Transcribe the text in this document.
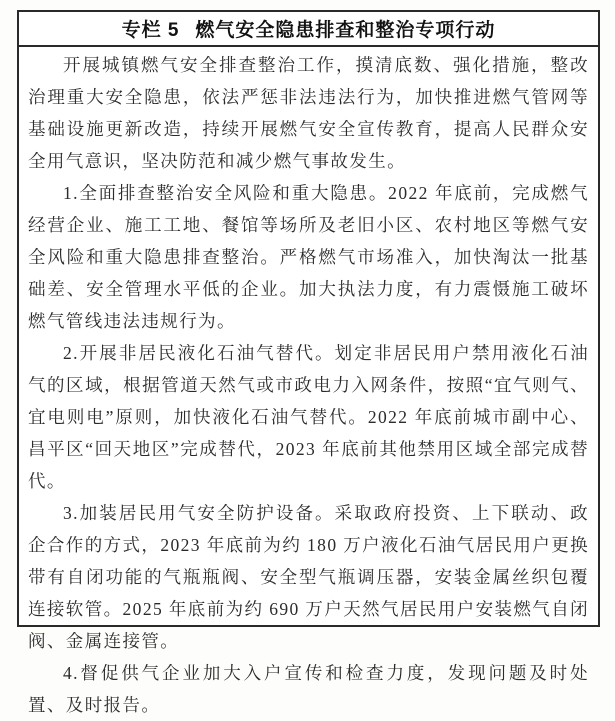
专栏 5 燃气安全隐患排查和整治专项行动

开展城镇燃气安全排查整治工作，摸清底数、强化措施，整改治理重大安全隐患，依法严惩非法违法行为，加快推进燃气管网等基础设施更新改造，持续开展燃气安全宣传教育，提高人民群众安全用气意识，坚决防范和减少燃气事故发生。

1.全面排查整治安全风险和重大隐患。2022 年底前，完成燃气经营企业、施工工地、餐馆等场所及老旧小区、农村地区等燃气安全风险和重大隐患排查整治。严格燃气市场准入，加快淘汰一批基础差、安全管理水平低的企业。加大执法力度，有力震慑施工破坏燃气管线违法违规行为。

2.开展非居民液化石油气替代。划定非居民用户禁用液化石油气的区域，根据管道天然气或市政电力入网条件，按照“宜气则气、宜电则电”原则，加快液化石油气替代。2022 年底前城市副中心、昌平区“回天地区”完成替代，2023 年底前其他禁用区域全部完成替代。

3.加装居民用气安全防护设备。采取政府投资、上下联动、政企合作的方式，2023 年底前为约 180 万户液化石油气居民用户更换带有自闭功能的气瓶瓶阀、安全型气瓶调压器，安装金属丝织包覆连接软管。2025 年底前为约 690 万户天然气居民用户安装燃气自闭阀、金属连接管。

4.督促供气企业加大入户宣传和检查力度，发现问题及时处置、及时报告。
